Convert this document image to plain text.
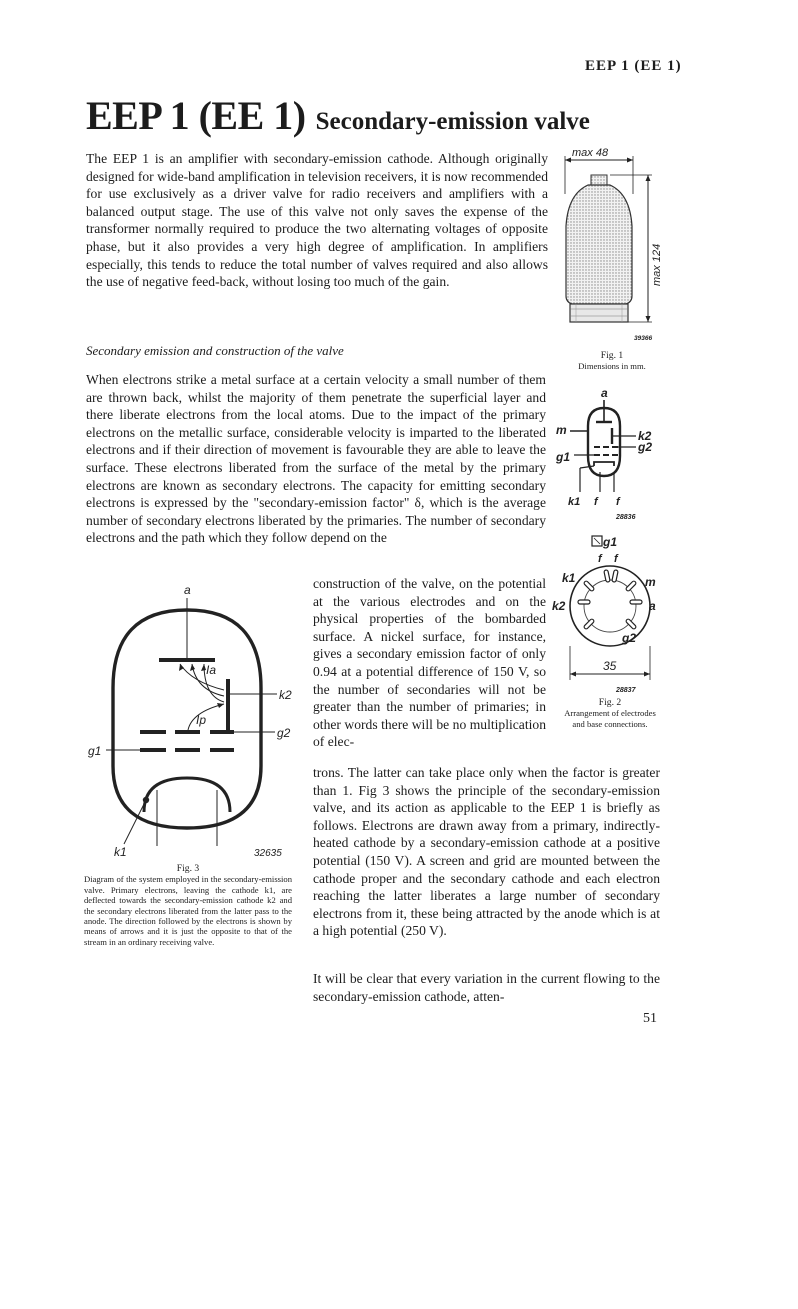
EEP 1 (EE 1)
EEP 1 (EE 1) Secondary-emission valve
The EEP 1 is an amplifier with secondary-emission cathode. Although originally designed for wide-band amplification in television receivers, it is now recommended for use exclusively as a driver valve for radio receivers and amplifiers with a balanced output stage. The use of this valve not only saves the expense of the transformer normally required to produce the two alternating voltages of opposite phase, but it also provides a very high degree of amplification. In amplifiers especially, this tends to reduce the total number of valves required and also allows the use of negative feed-back, without losing too much of the gain.
Secondary emission and construction of the valve
When electrons strike a metal surface at a certain velocity a small number of them are thrown back, whilst the majority of them penetrate the superficial layer and there liberate electrons from the local atoms. Due to the impact of the primary electrons on the metallic surface, considerable velocity is imparted to the liberated electrons and if their direction of movement is favourable they are able to leave the surface. These electrons liberated from the surface of the metal by the primary electrons are known as secondary electrons. The capacity for emitting secondary electrons is expressed by the "secondary-emission factor" δ, which is the average number of secondary electrons liberated by the primaries. The number of secondary electrons and the path which they follow depend on the
construction of the valve, on the potential at the various electrodes and on the physical properties of the bombarded surface. A nickel surface, for instance, gives a secondary emission factor of only 0.94 at a potential difference of 150 V, so the number of secondaries will not be greater than the number of primaries; in other words there will be no multiplication of elec-
trons. The latter can take place only when the factor is greater than 1. Fig 3 shows the principle of the secondary-emission valve, and its action as applicable to the EEP 1 is briefly as follows. Electrons are drawn away from a primary, indirectly-heated cathode by a secondary-emission cathode at a positive potential (150 V). A screen and grid are mounted between the cathode proper and the secondary cathode and each electron reaching the latter liberates a large number of secondary electrons from it, these being attracted by the anode which is at a high potential (250 V).
It will be clear that every variation in the current flowing to the secondary-emission cathode, atten-
max 48
max 124
39366
Fig. 1
Dimensions in mm.
a
m	k2
g2
g1
k1 f f
28836
g1
f f
k1	m
k2	a
g2
35
28837
Fig. 2
Arrangement of electrodes and base connections.
a
k2
Ia
Ip
g2
g1
k1	32635
Fig. 3
Diagram of the system employed in the secondary-emission valve. Primary electrons, leaving the cathode k1, are deflected towards the secondary-emission cathode k2 and the secondary electrons liberated from the latter pass to the anode. The direction followed by the electrons is shown by means of arrows and it is just the opposite to that of the stream in an ordinary receiving valve.
51
